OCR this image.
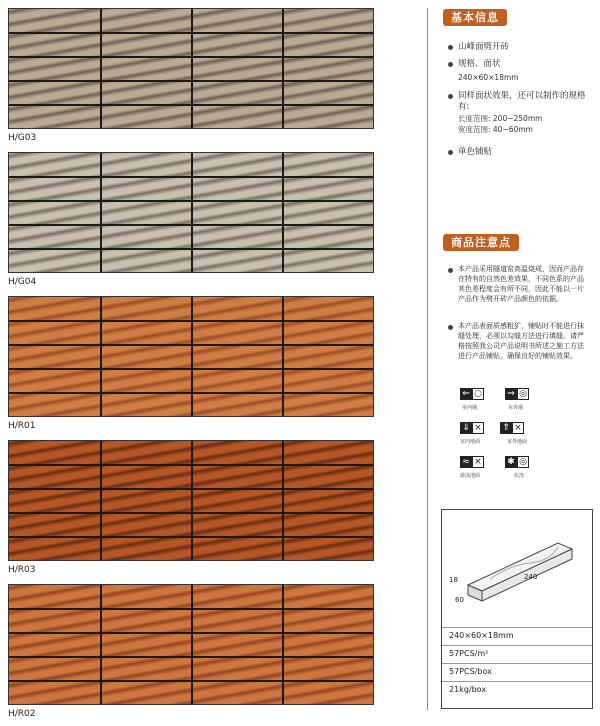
H/G03
H/G04
H/R01
H/R03
H/R02
基本信息
山峰面劈开砖
规格、面状
240×60×18mm
同样面状效果，还可以制作的规格有:
长度范围: 200~250mm
宽度范围: 40~60mm
单色铺贴
商品注意点
本产品采用隧道窑高温烧成，因而产品存在特有的自然色差效果，不同色系的产品其色差程度会有所不同，因此不能以一片产品作为劈开砖产品颜色的依据。
本产品表面质感粗犷，铺贴时不能进行抹缝处理，必须以勾缝方法进行填缝。请严格按照我公司产品说明书所述之施工方法进行产品铺贴，确保良好的铺贴效果。
⇐ ○
室内墙
⇒ ◎
室外墙
⇓ ×
室内地面
⇑ ×
室外地面
≈ ×
游泳池面
✱ ◎
抗冻
18
60
240
240×60×18mm
57PCS/m²
57PCS/box
21kg/box
